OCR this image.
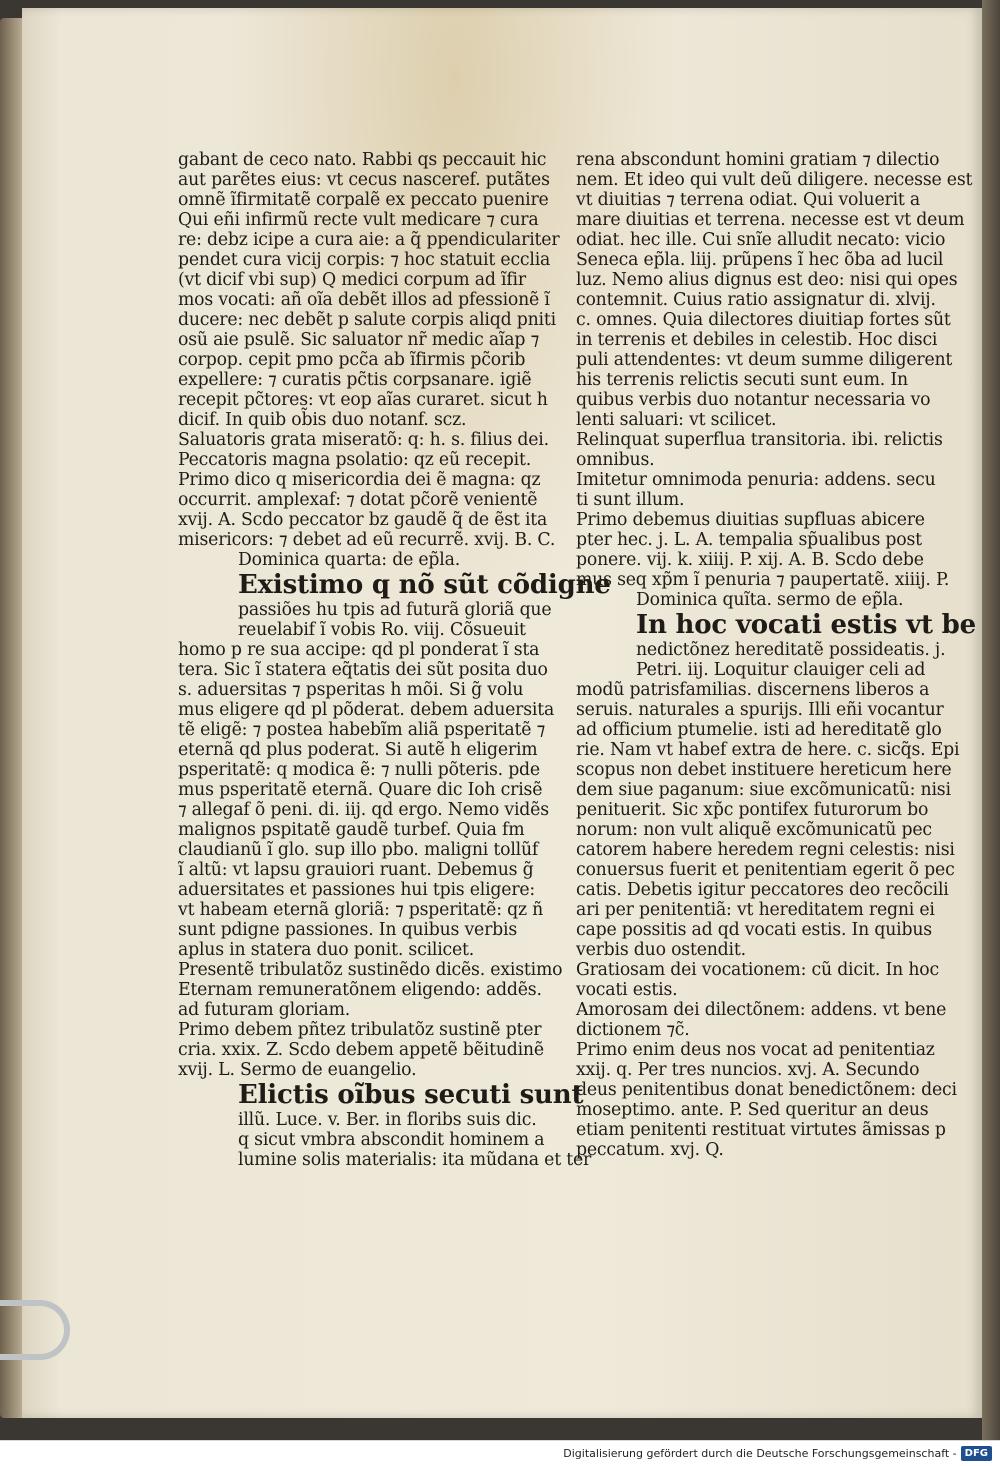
gabant de ceco nato. Rabbi qs peccauit hic
aut parẽtes eius: vt cecus nasceref. putãtes
omnẽ ĩfirmitatẽ corpalẽ ex peccato puenire
Qui eñi infirmũ recte vult medicare ⁊ cura
re: debz icipe a cura aie: a q̃ ppendiculariter
pendet cura vicij corpis: ⁊ hoc statuit ecclia
(vt dicif vbi sup) Q medici corpum ad ĩfir
mos vocati: añ oĩa debẽt illos ad pfessionẽ ĩ
ducere: nec debẽt p salute corpis aliqd pniti
osũ aie psulẽ. Sic saluator nr̃ medic aĩap ⁊
corpop. cepit pmo pcc̃a ab ĩfirmis pc̃orib
expellere: ⁊ curatis pc̃tis corpsanare. igiẽ
recepit pc̃tores: vt eop aĩas curaret. sicut h
dicif. In quib ob̃is duo notanf. scz.
Saluatoris grata miseratõ: q: h. s. filius dei.
Peccatoris magna psolatio: qz eũ recepit.
Primo dico q misericordia dei ẽ magna: qz
occurrit. amplexaf: ⁊ dotat pc̃orẽ venientẽ
xvij. A. Scdo peccator bz gaudẽ q̃ de ẽst ita
misericors: ⁊ debet ad eũ recurrẽ. xvij. B. C.
Dominica quarta: de ep̃la.
Existimo q nõ sũt cõdigne
passiões hu tpis ad futurã gloriã que
reuelabif ĩ vobis Ro. viij. Cõsueuit
homo p re sua accipe: qd pl ponderat ĩ sta
tera. Sic ĩ statera eq̃tatis dei sũt posita duo
s. aduersitas ⁊ psperitas h mõi. Si g̃ volu
mus eligere qd pl põderat. debem aduersita
tẽ eligẽ: ⁊ postea habebĩm aliã psperitatẽ ⁊
eternã qd plus poderat. Si autẽ h eligerim
psperitatẽ: q modica ẽ: ⁊ nulli põteris. pde
mus psperitatẽ eternã. Quare dic Ioh crisẽ
⁊ allegaf õ peni. di. iij. qd ergo. Nemo vidẽs
malignos pspitatẽ gaudẽ turbef. Quia fm
claudianũ ĩ glo. sup illo pbo. maligni tollũf
ĩ altũ: vt lapsu grauiori ruant. Debemus g̃
aduersitates et passiones hui tpis eligere:
vt habeam eternã gloriã: ⁊ psperitatẽ: qz ñ
sunt pdigne passiones. In quibus verbis
aplus in statera duo ponit. scilicet.
Presentẽ tribulatõz sustinẽdo dicẽs. existimo
Eternam remuneratõnem eligendo: addẽs.
ad futuram gloriam.
Primo debem pñtez tribulatõz sustinẽ pter
cria. xxix. Z. Scdo debem appetẽ bẽitudinẽ
xvij. L. Sermo de euangelio.
Elictis oĩbus secuti sunt
illũ. Luce. v. Ber. in floribs suis dic.
q sicut vmbra abscondit hominem a
lumine solis materialis: ita mũdana et ter
rena abscondunt homini gratiam ⁊ dilectio
nem. Et ideo qui vult deũ diligere. necesse est
vt diuitias ⁊ terrena odiat. Qui voluerit a
mare diuitias et terrena. necesse est vt deum
odiat. hec ille. Cui snĩe alludit necato: vicio
Seneca ep̃la. liij. prũpens ĩ hec õba ad lucil
luz. Nemo alius dignus est deo: nisi qui opes
contemnit. Cuius ratio assignatur di. xlvij.
c. omnes. Quia dilectores diuitiap fortes sũt
in terrenis et debiles in celestib. Hoc disci
puli attendentes: vt deum summe diligerent
his terrenis relictis secuti sunt eum. In
quibus verbis duo notantur necessaria vo
lenti saluari: vt scilicet.
Relinquat superflua transitoria. ibi. relictis
omnibus.
Imitetur omnimoda penuria: addens. secu
ti sunt illum.
Primo debemus diuitias supfluas abicere
pter hec. j. L. A. tempalia sp̃ualibus post
ponere. vij. k. xiiij. P. xij. A. B. Scdo debe
mus seq xp̃m ĩ penuria ⁊ paupertatẽ. xiiij. P.
Dominica quĩta. sermo de ep̃la.
In hoc vocati estis vt be
nedictõnez hereditatẽ possideatis. j.
Petri. iij. Loquitur clauiger celi ad
modũ patrisfamilias. discernens liberos a
seruis. naturales a spurijs. Illi eñi vocantur
ad officium ptumelie. isti ad hereditatẽ glo
rie. Nam vt habef extra de here. c. sicq̃s. Epi
scopus non debet instituere hereticum here
dem siue paganum: siue excõmunicatũ: nisi
penituerit. Sic xp̃c pontifex futurorum bo
norum: non vult aliquẽ excõmunicatũ pec
catorem habere heredem regni celestis: nisi
conuersus fuerit et penitentiam egerit õ pec
catis. Debetis igitur peccatores deo recõcili
ari per penitentiã: vt hereditatem regni ei
cape possitis ad qd vocati estis. In quibus
verbis duo ostendit.
Gratiosam dei vocationem: cũ dicit. In hoc
vocati estis.
Amorosam dei dilectõnem: addens. vt bene
dictionem ⁊c̃.
Primo enim deus nos vocat ad penitentiaz
xxij. q. Per tres nuncios. xvj. A. Secundo
deus penitentibus donat benedictõnem: deci
moseptimo. ante. P. Sed queritur an deus
etiam penitenti restituat virtutes ãmissas p
peccatum. xvj. Q.
Digitalisierung gefördert durch die Deutsche Forschungsgemeinschaft - DFG
